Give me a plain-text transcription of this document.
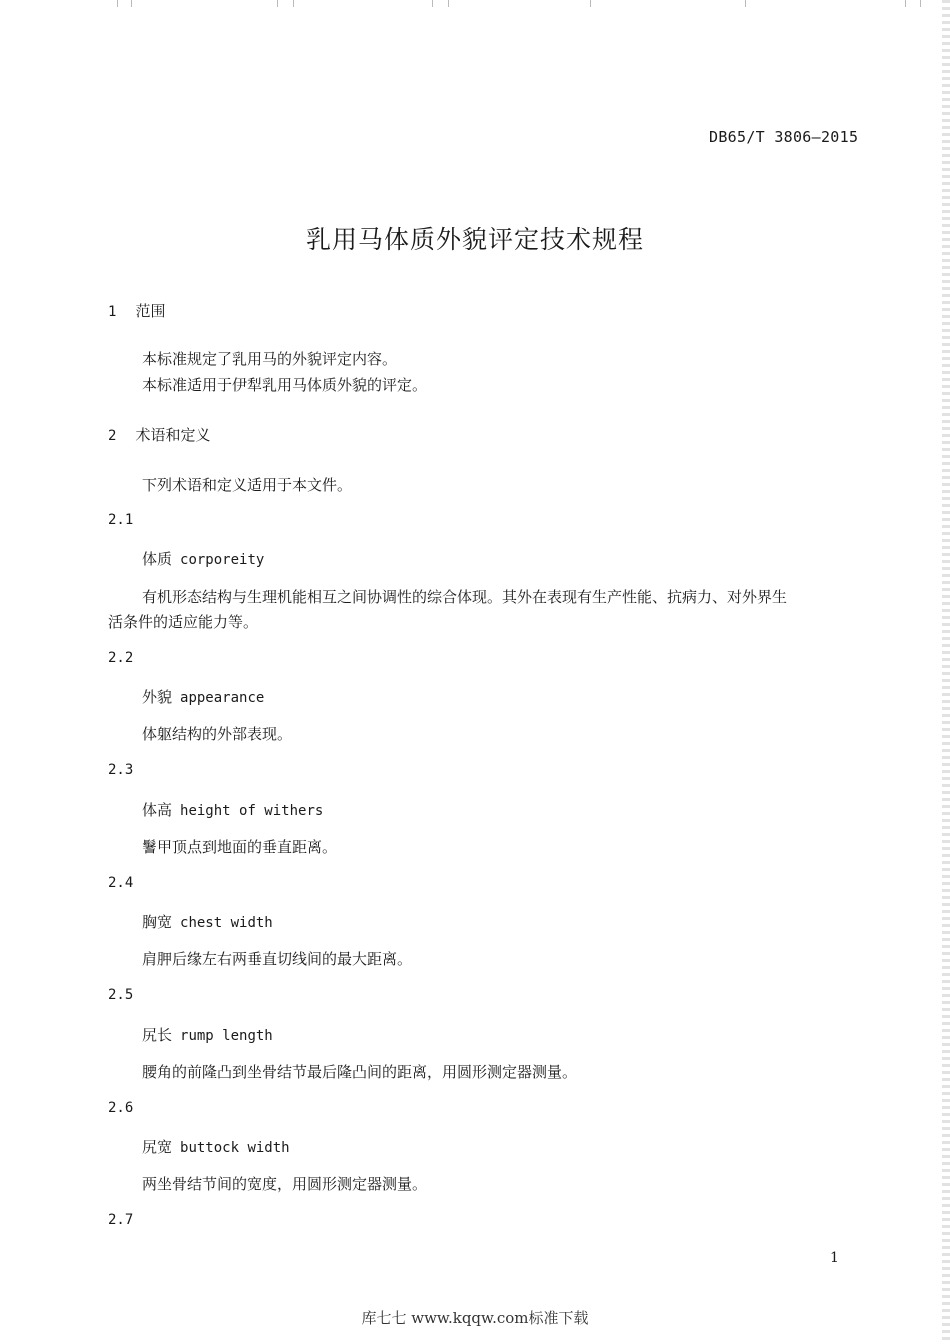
DB65/T 3806—2015
乳用马体质外貌评定技术规程
1 范围
本标准规定了乳用马的外貌评定内容。
本标准适用于伊犁乳用马体质外貌的评定。
2 术语和定义
下列术语和定义适用于本文件。
2.1
体质 corporeity
有机形态结构与生理机能相互之间协调性的综合体现。其外在表现有生产性能、抗病力、对外界生
活条件的适应能力等。
2.2
外貌 appearance
体躯结构的外部表现。
2.3
体高 height of withers
鬐甲顶点到地面的垂直距离。
2.4
胸宽 chest width
肩胛后缘左右两垂直切线间的最大距离。
2.5
尻长 rump length
腰角的前隆凸到坐骨结节最后隆凸间的距离，用圆形测定器测量。
2.6
尻宽 buttock width
两坐骨结节间的宽度，用圆形测定器测量。
2.7
1
库七七 www.kqqw.com标准下载
